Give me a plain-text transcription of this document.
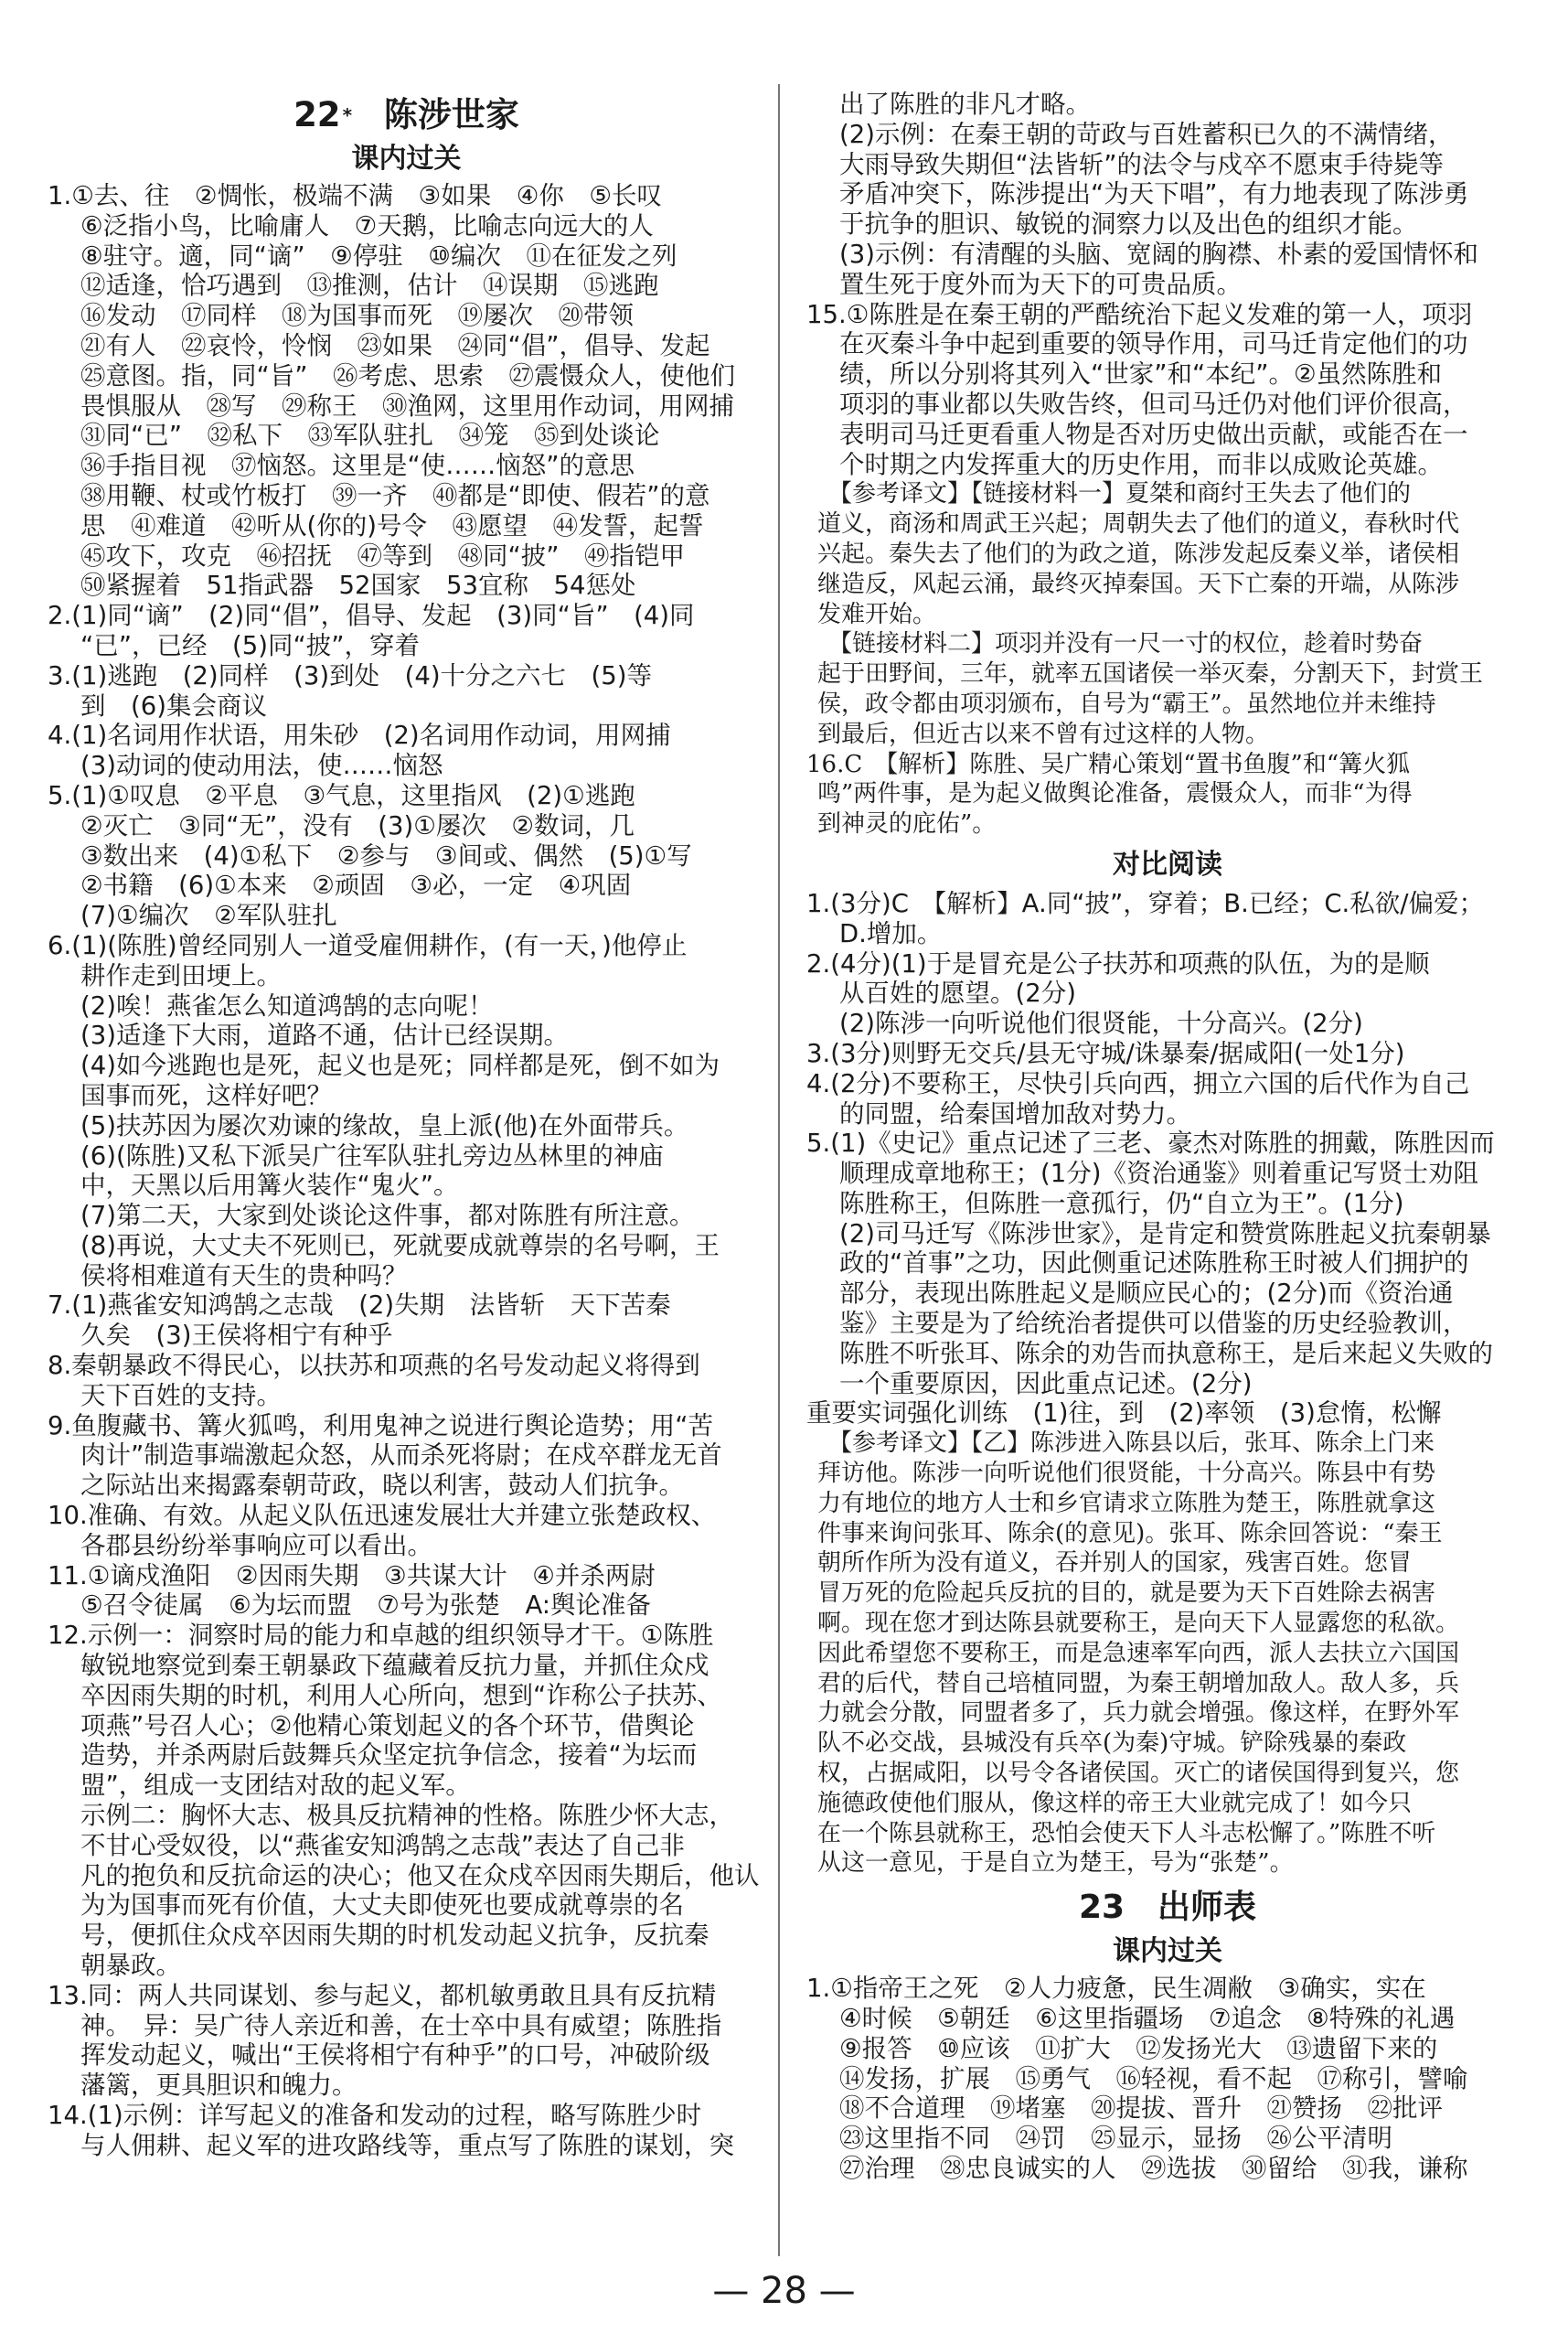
22 * 陈涉世家
课内过关
1.①去、往　②惆怅，极端不满　③如果　④你　⑤长叹
⑥泛指小鸟，比喻庸人　⑦天鹅，比喻志向远大的人
⑧驻守。適，同“谪”　⑨停驻　⑩编次　⑪在征发之列
⑫适逢，恰巧遇到　⑬推测，估计　⑭误期　⑮逃跑
⑯发动　⑰同样　⑱为国事而死　⑲屡次　⑳带领
㉑有人　㉒哀怜，怜悯　㉓如果　㉔同“倡”，倡导、发起
㉕意图。指，同“旨”　㉖考虑、思索　㉗震慑众人，使他们
畏惧服从　㉘写　㉙称王　㉚渔网，这里用作动词，用网捕
㉛同“已”　㉜私下　㉝军队驻扎　㉞笼　㉟到处谈论
㊱手指目视　㊲恼怒。这里是“使……恼怒”的意思
㊳用鞭、杖或竹板打　㊴一齐　㊵都是“即使、假若”的意
思　㊶难道　㊷听从(你的)号令　㊸愿望　㊹发誓，起誓
㊺攻下，攻克　㊻招抚　㊼等到　㊽同“披”　㊾指铠甲
㊿紧握着　51指武器　52国家　53宜称　54惩处
2.(1)同“谪”　(2)同“倡”，倡导、发起　(3)同“旨”　(4)同
“已”，已经　(5)同“披”，穿着
3.(1)逃跑　(2)同样　(3)到处　(4)十分之六七　(5)等
到　(6)集会商议
4.(1)名词用作状语，用朱砂　(2)名词用作动词，用网捕
(3)动词的使动用法，使……恼怒
5.(1)①叹息　②平息　③气息，这里指风　(2)①逃跑
②灭亡　③同“无”，没有　(3)①屡次　②数词，几
③数出来　(4)①私下　②参与　③间或、偶然　(5)①写
②书籍　(6)①本来　②顽固　③必，一定　④巩固
(7)①编次　②军队驻扎
6.(1)(陈胜)曾经同别人一道受雇佣耕作，(有一天，)他停止
耕作走到田埂上。
(2)唉！燕雀怎么知道鸿鹄的志向呢！
(3)适逢下大雨，道路不通，估计已经误期。
(4)如今逃跑也是死，起义也是死；同样都是死，倒不如为
国事而死，这样好吧？
(5)扶苏因为屡次劝谏的缘故，皇上派(他)在外面带兵。
(6)(陈胜)又私下派吴广往军队驻扎旁边丛林里的神庙
中，天黑以后用篝火装作“鬼火”。
(7)第二天，大家到处谈论这件事，都对陈胜有所注意。
(8)再说，大丈夫不死则已，死就要成就尊崇的名号啊，王
侯将相难道有天生的贵种吗？
7.(1)燕雀安知鸿鹄之志哉　(2)失期　法皆斩　天下苦秦
久矣　(3)王侯将相宁有种乎
8.秦朝暴政不得民心，以扶苏和项燕的名号发动起义将得到
天下百姓的支持。
9.鱼腹藏书、篝火狐鸣，利用鬼神之说进行舆论造势；用“苦
肉计”制造事端激起众怒，从而杀死将尉；在戍卒群龙无首
之际站出来揭露秦朝苛政，晓以利害，鼓动人们抗争。
10.准确、有效。从起义队伍迅速发展壮大并建立张楚政权、
各郡县纷纷举事响应可以看出。
11.①谪戍渔阳　②因雨失期　③共谋大计　④并杀两尉
⑤召令徒属　⑥为坛而盟　⑦号为张楚　A:舆论准备
12.示例一：洞察时局的能力和卓越的组织领导才干。①陈胜
敏锐地察觉到秦王朝暴政下蕴藏着反抗力量，并抓住众戍
卒因雨失期的时机，利用人心所向，想到“诈称公子扶苏、
项燕”号召人心；②他精心策划起义的各个环节，借舆论
造势，并杀两尉后鼓舞兵众坚定抗争信念，接着“为坛而
盟”，组成一支团结对敌的起义军。
示例二：胸怀大志、极具反抗精神的性格。陈胜少怀大志，
不甘心受奴役，以“燕雀安知鸿鹄之志哉”表达了自己非
凡的抱负和反抗命运的决心；他又在众戍卒因雨失期后，他认
为为国事而死有价值，大丈夫即使死也要成就尊崇的名
号，便抓住众戍卒因雨失期的时机发动起义抗争，反抗秦
朝暴政。
13.同：两人共同谋划、参与起义，都机敏勇敢且具有反抗精
神。　异：吴广待人亲近和善，在士卒中具有威望；陈胜指
挥发动起义，喊出“王侯将相宁有种乎”的口号，冲破阶级
藩篱，更具胆识和魄力。
14.(1)示例：详写起义的准备和发动的过程，略写陈胜少时
与人佣耕、起义军的进攻路线等，重点写了陈胜的谋划，突
出了陈胜的非凡才略。
(2)示例：在秦王朝的苛政与百姓蓄积已久的不满情绪，
大雨导致失期但“法皆斩”的法令与戍卒不愿束手待毙等
矛盾冲突下，陈涉提出“为天下唱”，有力地表现了陈涉勇
于抗争的胆识、敏锐的洞察力以及出色的组织才能。
(3)示例：有清醒的头脑、宽阔的胸襟、朴素的爱国情怀和
置生死于度外而为天下的可贵品质。
15.①陈胜是在秦王朝的严酷统治下起义发难的第一人，项羽
在灭秦斗争中起到重要的领导作用，司马迁肯定他们的功
绩，所以分别将其列入“世家”和“本纪”。②虽然陈胜和
项羽的事业都以失败告终，但司马迁仍对他们评价很高，
表明司马迁更看重人物是否对历史做出贡献，或能否在一
个时期之内发挥重大的历史作用，而非以成败论英雄。
【参考译文】【链接材料一】夏桀和商纣王失去了他们的
道义，商汤和周武王兴起；周朝失去了他们的道义，春秋时代
兴起。秦失去了他们的为政之道，陈涉发起反秦义举，诸侯相
继造反，风起云涌，最终灭掉秦国。天下亡秦的开端，从陈涉
发难开始。
【链接材料二】项羽并没有一尺一寸的权位，趁着时势奋
起于田野间，三年，就率五国诸侯一举灭秦，分割天下，封赏王
侯，政令都由项羽颁布，自号为“霸王”。虽然地位并未维持
到最后，但近古以来不曾有过这样的人物。
16.C　【解析】陈胜、吴广精心策划“置书鱼腹”和“篝火狐
鸣”两件事，是为起义做舆论准备，震慑众人，而非“为得
到神灵的庇佑”。
对比阅读
1.(3分)C　【解析】A.同“披”，穿着；B.已经；C.私欲/偏爱；
D.增加。
2.(4分)(1)于是冒充是公子扶苏和项燕的队伍，为的是顺
从百姓的愿望。(2分)
(2)陈涉一向听说他们很贤能，十分高兴。(2分)
3.(3分)则野无交兵/县无守城/诛暴秦/据咸阳(一处1分)
4.(2分)不要称王，尽快引兵向西，拥立六国的后代作为自己
的同盟，给秦国增加敌对势力。
5.(1)《史记》重点记述了三老、豪杰对陈胜的拥戴，陈胜因而
顺理成章地称王；(1分)《资治通鉴》则着重记写贤士劝阻
陈胜称王，但陈胜一意孤行，仍“自立为王”。(1分)
(2)司马迁写《陈涉世家》，是肯定和赞赏陈胜起义抗秦朝暴
政的“首事”之功，因此侧重记述陈胜称王时被人们拥护的
部分，表现出陈胜起义是顺应民心的；(2分)而《资治通
鉴》主要是为了给统治者提供可以借鉴的历史经验教训，
陈胜不听张耳、陈余的劝告而执意称王，是后来起义失败的
一个重要原因，因此重点记述。(2分)
重要实词强化训练　(1)往，到　(2)率领　(3)怠惰，松懈
【参考译文】【乙】陈涉进入陈县以后，张耳、陈余上门来
拜访他。陈涉一向听说他们很贤能，十分高兴。陈县中有势
力有地位的地方人士和乡官请求立陈胜为楚王，陈胜就拿这
件事来询问张耳、陈余(的意见)。张耳、陈余回答说：“秦王
朝所作所为没有道义，吞并别人的国家，残害百姓。您冒
冒万死的危险起兵反抗的目的，就是要为天下百姓除去祸害
啊。现在您才到达陈县就要称王，是向天下人显露您的私欲。
因此希望您不要称王，而是急速率军向西，派人去扶立六国国
君的后代，替自己培植同盟，为秦王朝增加敌人。敌人多，兵
力就会分散，同盟者多了，兵力就会增强。像这样，在野外军
队不必交战，县城没有兵卒(为秦)守城。铲除残暴的秦政
权，占据咸阳，以号令各诸侯国。灭亡的诸侯国得到复兴，您
施德政使他们服从，像这样的帝王大业就完成了！如今只
在一个陈县就称王，恐怕会使天下人斗志松懈了。”陈胜不听
从这一意见，于是自立为楚王，号为“张楚”。
23　出师表
课内过关
1.①指帝王之死　②人力疲惫，民生凋敝　③确实，实在
④时候　⑤朝廷　⑥这里指疆场　⑦追念　⑧特殊的礼遇
⑨报答　⑩应该　⑪扩大　⑫发扬光大　⑬遗留下来的
⑭发扬，扩展　⑮勇气　⑯轻视，看不起　⑰称引，譬喻
⑱不合道理　⑲堵塞　⑳提拔、晋升　㉑赞扬　㉒批评
㉓这里指不同　㉔罚　㉕显示，显扬　㉖公平清明
㉗治理　㉘忠良诚实的人　㉙选拔　㉚留给　㉛我，谦称
— 28 —
